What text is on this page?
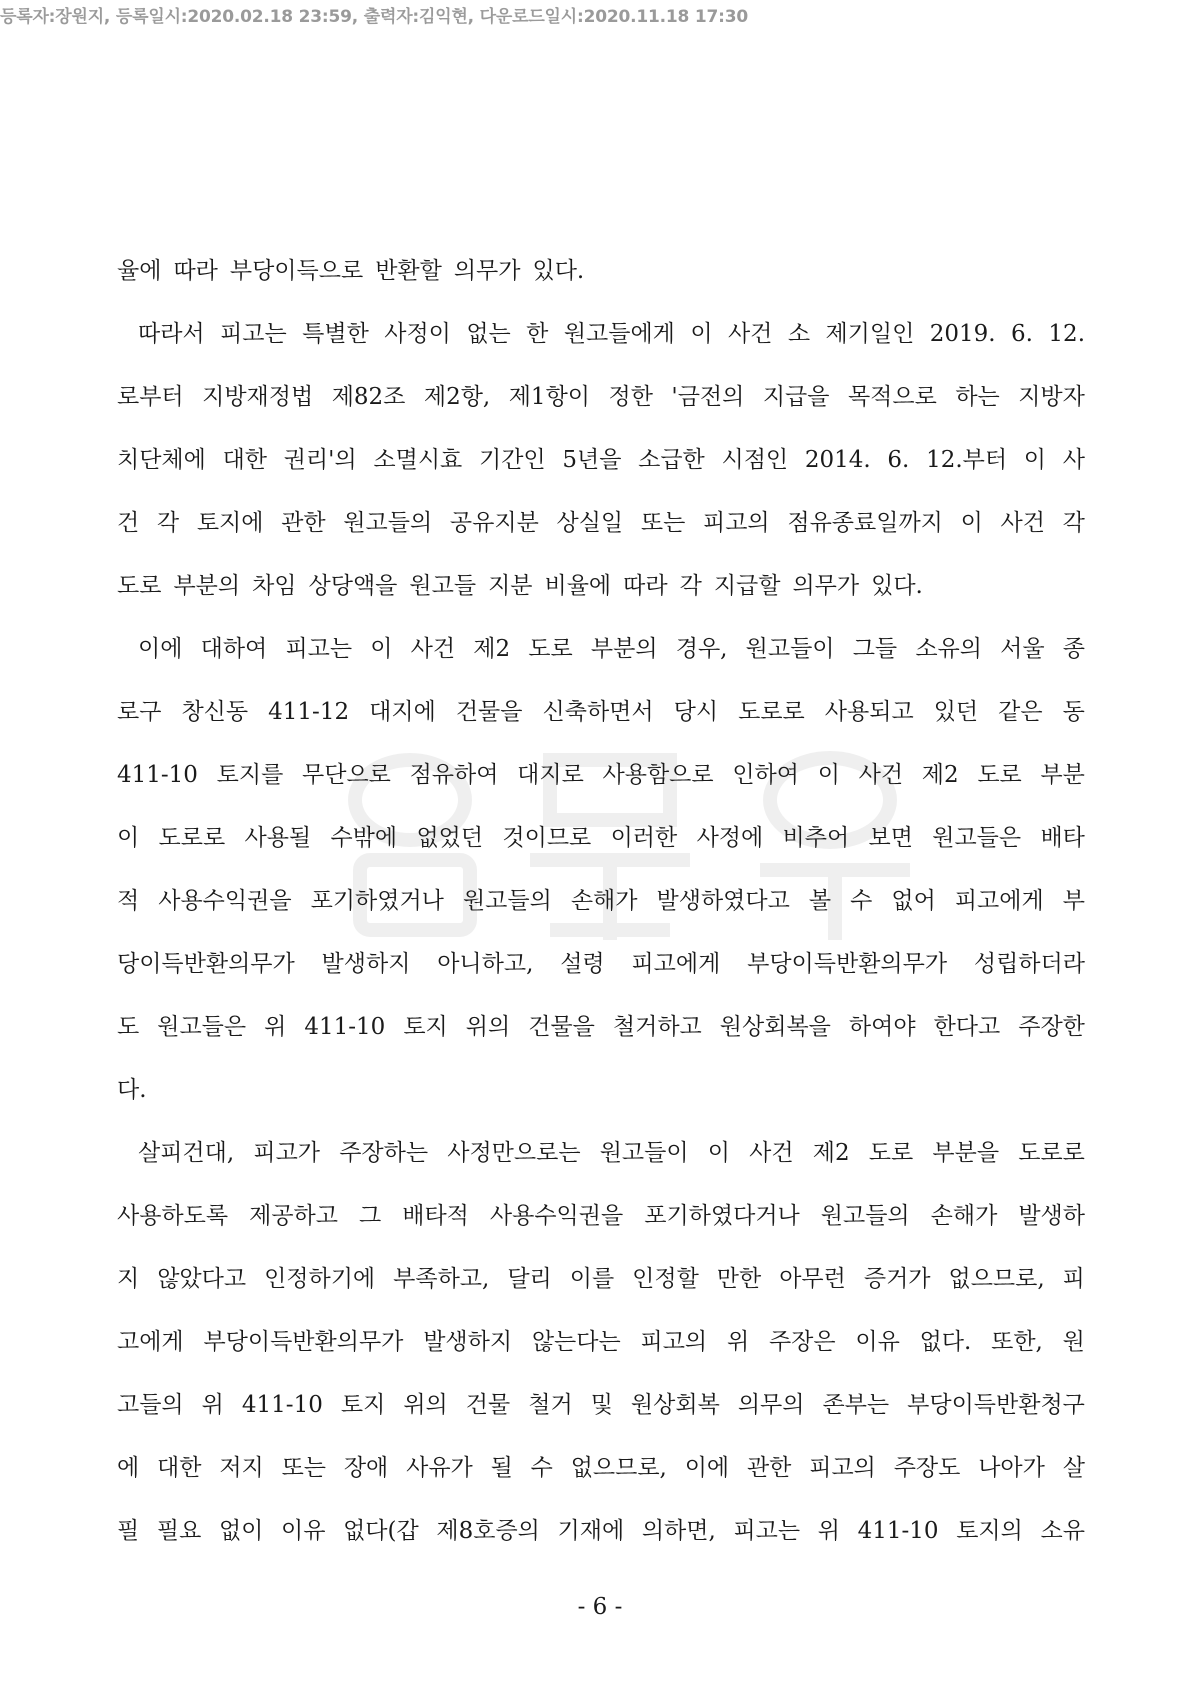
등록자:장원지, 등록일시:2020.02.18 23:59, 출력자:김익현, 다운로드일시:2020.11.18 17:30
율에 따라 부당이득으로 반환할 의무가 있다.
따라서 피고는 특별한 사정이 없는 한 원고들에게 이 사건 소 제기일인 2019. 6. 12.
로부터 지방재정법 제82조 제2항, 제1항이 정한 '금전의 지급을 목적으로 하는 지방자
치단체에 대한 권리'의 소멸시효 기간인 5년을 소급한 시점인 2014. 6. 12.부터 이 사
건 각 토지에 관한 원고들의 공유지분 상실일 또는 피고의 점유종료일까지 이 사건 각
도로 부분의 차임 상당액을 원고들 지분 비율에 따라 각 지급할 의무가 있다.
이에 대하여 피고는 이 사건 제2 도로 부분의 경우, 원고들이 그들 소유의 서울 종
로구 창신동 411-12 대지에 건물을 신축하면서 당시 도로로 사용되고 있던 같은 동
411-10 토지를 무단으로 점유하여 대지로 사용함으로 인하여 이 사건 제2 도로 부분
이 도로로 사용될 수밖에 없었던 것이므로 이러한 사정에 비추어 보면 원고들은 배타
적 사용수익권을 포기하였거나 원고들의 손해가 발생하였다고 볼 수 없어 피고에게 부
당이득반환의무가 발생하지 아니하고, 설령 피고에게 부당이득반환의무가 성립하더라
도 원고들은 위 411-10 토지 위의 건물을 철거하고 원상회복을 하여야 한다고 주장한
다.
살피건대, 피고가 주장하는 사정만으로는 원고들이 이 사건 제2 도로 부분을 도로로
사용하도록 제공하고 그 배타적 사용수익권을 포기하였다거나 원고들의 손해가 발생하
지 않았다고 인정하기에 부족하고, 달리 이를 인정할 만한 아무런 증거가 없으므로, 피
고에게 부당이득반환의무가 발생하지 않는다는 피고의 위 주장은 이유 없다. 또한, 원
고들의 위 411-10 토지 위의 건물 철거 및 원상회복 의무의 존부는 부당이득반환청구
에 대한 저지 또는 장애 사유가 될 수 없으므로, 이에 관한 피고의 주장도 나아가 살
필 필요 없이 이유 없다(갑 제8호증의 기재에 의하면, 피고는 위 411-10 토지의 소유
- 6 -
